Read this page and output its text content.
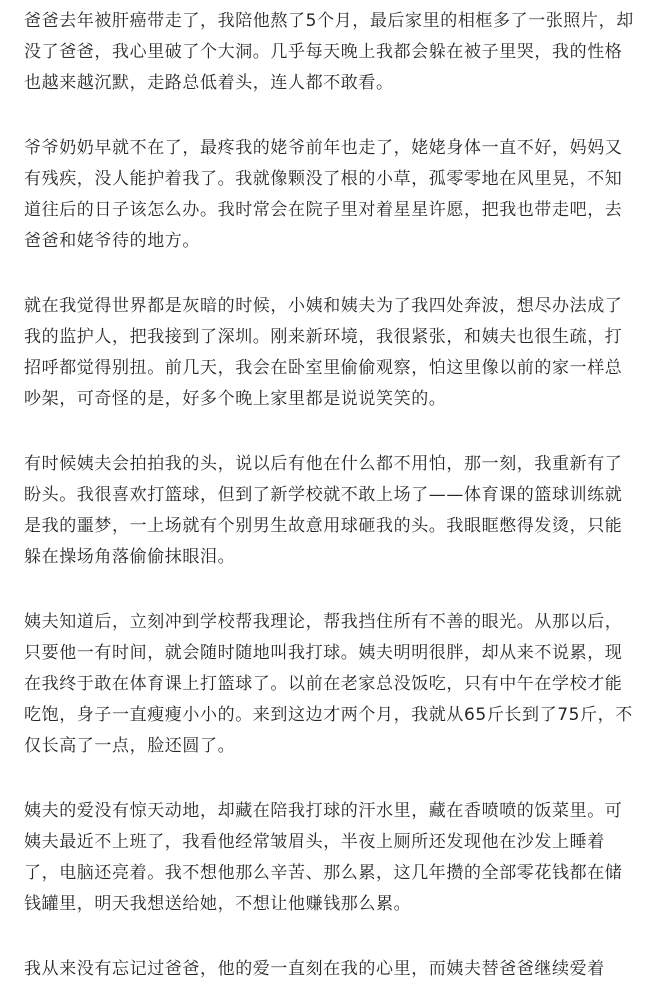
爸爸去年被肝癌带走了，我陪他熬了5个月，最后家里的相框多了一张照片，却
没了爸爸，我心里破了个大洞。几乎每天晚上我都会躲在被子里哭，我的性格
也越来越沉默，走路总低着头，连人都不敢看。
爷爷奶奶早就不在了，最疼我的姥爷前年也走了，姥姥身体一直不好，妈妈又
有残疾，没人能护着我了。我就像颗没了根的小草，孤零零地在风里晃，不知
道往后的日子该怎么办。我时常会在院子里对着星星许愿，把我也带走吧，去
爸爸和姥爷待的地方。
就在我觉得世界都是灰暗的时候，小姨和姨夫为了我四处奔波，想尽办法成了
我的监护人，把我接到了深圳。刚来新环境，我很紧张，和姨夫也很生疏，打
招呼都觉得别扭。前几天，我会在卧室里偷偷观察，怕这里像以前的家一样总
吵架，可奇怪的是，好多个晚上家里都是说说笑笑的。
有时候姨夫会拍拍我的头，说以后有他在什么都不用怕，那一刻，我重新有了
盼头。我很喜欢打篮球，但到了新学校就不敢上场了——体育课的篮球训练就
是我的噩梦，一上场就有个别男生故意用球砸我的头。我眼眶憋得发烫，只能
躲在操场角落偷偷抹眼泪。
姨夫知道后，立刻冲到学校帮我理论，帮我挡住所有不善的眼光。从那以后，
只要他一有时间，就会随时随地叫我打球。姨夫明明很胖，却从来不说累，现
在我终于敢在体育课上打篮球了。以前在老家总没饭吃，只有中午在学校才能
吃饱，身子一直瘦瘦小小的。来到这边才两个月，我就从65斤长到了75斤，不
仅长高了一点，脸还圆了。
姨夫的爱没有惊天动地，却藏在陪我打球的汗水里，藏在香喷喷的饭菜里。可
姨夫最近不上班了，我看他经常皱眉头，半夜上厕所还发现他在沙发上睡着
了，电脑还亮着。我不想他那么辛苦、那么累，这几年攒的全部零花钱都在储
钱罐里，明天我想送给她，不想让他赚钱那么累。
我从来没有忘记过爸爸，他的爱一直刻在我的心里，而姨夫替爸爸继续爱着
